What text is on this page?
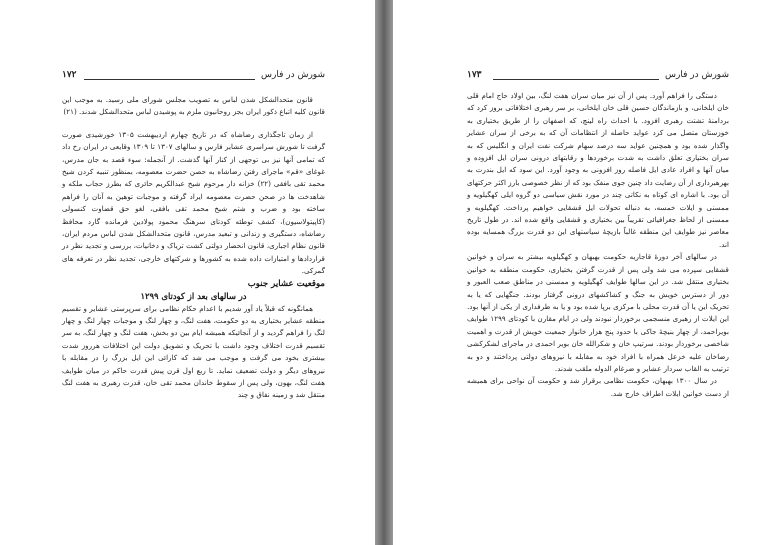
۱۷۲	شورش در فارس

قانون متحدالشکل شدن لباس به تصویب مجلس شورای ملی رسید. به موجب این قانون کلیه اتباع ذکور ایران بجز روحانیون ملزم به پوشیدن لباس متحدالشکل شدند. (۲۱)

از زمان تاجگذاری رضاشاه که در تاریخ چهارم اردیبهشت ۱۳۰۵ خورشیدی صورت گرفت تا شورش سراسری عشایر فارس و سالهای ۱۳۰۷ تا ۱۳۰۹ وقایعی در ایران رخ داد که تمامی آنها نیز بی توجهی از کنار آنها گذشت. از آنجمله: سوء قصد به جان مدرس، غوغای «قم» ماجرای رفتن رضاشاه به حصن حضرت معصومه، بمنظور تنبیه کردن شیخ محمد تقی بافقی (۲۲) خزانه دار مرحوم شیخ عبدالکریم حائری که بطرز حجاب ملکه و شاهدخت ها در صحن حضرت معصومه ایراد گرفته و موجبات توهین به آنان را فراهم ساخته بود و ضرب و شتم شیخ محمد تقی بافقی، لغو حق قضاوت کنسولی (کاپیتولاسیون)، کشف توطئه کودتای سرهنگ محمود پولادین فرمانده گارد محافظ رضاشاه، دستگیری و زندانی و تبعید مدرس، قانون متحدالشکل شدن لباس مردم ایران، قانون نظام اجباری، قانون انحصار دولتی کشت تریاک و دخانیات، بررسی و تجدید نظر در قراردادها و امتیازات داده شده به کشورها و شرکتهای خارجی، تجدید نظر در تعرفه های گمرکی.

موقعیت عشایر جنوب

در سالهای بعد از کودتای ۱۲۹۹

همانگونه که قبلاً یاد آور شدیم با اعدام حکام نظامی برای سرپرستی عشایر و تقسیم منطقه عشایر بختیاری به دو حکومت، هفت لنگ، و چهار لنگ و موجبات چهار لنگ و چهار لنگ را فراهم گردید و از آنجائیکه همیشه ایام بین دو بخش، هفت لنگ و چهار لنگ، به سر تقسیم قدرت اختلاف وجود داشت با تحریک و تشویق دولت این اختلافات هرروز شدت بیشتری بخود می گرفت و موجب می شد که کارائی این ایل بزرگ را در مقابله با نیروهای دیگر و دولت تضعیف نماید. تا ربع اول قرن پیش قدرت حاکم در میان طوایف هفت لنگ، بهون، ولی پس از سقوط خاندان محمد تقی خان، قدرت رهبری به هفت لنگ منتقل شد و زمینه نفاق و چند

۱۷۳	شورش در فارس

دستگی را فراهم آورد. پس از آن نیز میان سران هفت لنگ، بین اولاد حاج امام قلی خان ایلخانی، و بازماندگان حسین قلی خان ایلخانی، بر سر رهبری اختلافاتی بروز کرد که بردامنهٔ تشتت رهبری افزود. با احداث راه لینچ، که اصفهان را از طریق بختیاری به خوزستان متصل می کرد عواید حاصله از انتظامات آن که به برخی از سران عشایر واگذار شده بود و همچنین عواید سه درصد سهام شرکت نفت ایران و انگلیس که به سران بختیاری تعلق داشت به شدت برخوردها و رقابتهای درونی سران ایل افزوده و میان آنها و افراد عادی ایل فاصله روز افزونی به وجود آورد. این سود که ایل بندرت به بهرهبرداری از آن رضایت داد چنین جوی منفک بود که از نظر خصوصی بارز اکثر حرکتهای آن بود. با اشاره ای کوتاه به نکاتی چند در مورد نقش سیاسی دو گروه ایلی کهگیلویه و ممسنی و ایلات خمسه، به دنباله تحولات ایل قشقایی خواهیم پرداخت. کهگیلویه و ممسنی از لحاظ جغرافیائی تقریباً بین بختیاری و قشقایی واقع شده اند. در طول تاریخ معاصر نیز طوایف این منطقه غالباً بازیچهٔ سیاستهای این دو قدرت بزرگ همسایه بوده اند.

در سالهای آخر دورهٔ قاجاریه حکومت بهبهان و کهگیلویه بیشتر به سران و خوانین قشقایی سپرده می شد ولی پس از قدرت گرفتن بختیاری، حکومت منطقه به خوانین بختیاری منتقل شد. در این سالها طوایف کهگیلویه و ممسنی در مناطق صعب العبور و دور از دسترس خویش به جنگ و کشاکشهای درونی گرفتار بودند. جنگهایی که یا به تحریک این یا آن قدرت محلی با مرکزی برپا شده بود و یا به طرفداری از یکی از آنها بود. این ایلات از رهبری منسجمی برخوردار نبودند ولی در ایام مقارن با کودتای ۱۲۹۹ طوایف بویراحمد، از چهار بنیچهٔ جاکی با حدود پنج هزار خانوار جمعیت خویش از قدرت و اهمیت شاخصی برخوردار بودند. سرتیپ خان و شکرالله خان بویر احمدی در ماجرای لشکرکشی رضاخان علیه خزعل همراه با افراد خود به مقابله با نیروهای دولتی پرداختند و دو به ترتیب به القاب سردار عشایر و ضرغام الدوله ملقب شدند.

در سال ۱۳۰۰ بهبهان، حکومت نظامی برقرار شد و حکومت آن نواحی برای همیشه از دست خوانین ایلات اطراف خارج شد.
